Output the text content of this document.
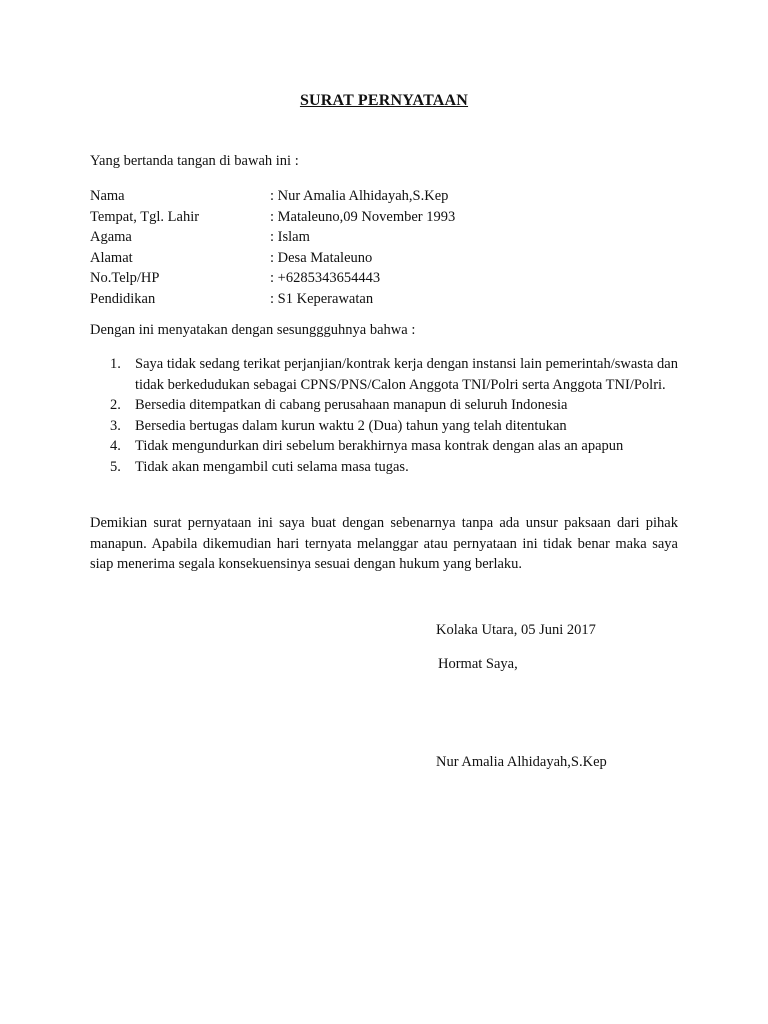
SURAT PERNYATAAN
Yang bertanda tangan di bawah ini :
Nama	: Nur Amalia Alhidayah,S.Kep
Tempat, Tgl. Lahir	: Mataleuno,09 November 1993
Agama	: Islam
Alamat	: Desa Mataleuno
No.Telp/HP	: +6285343654443
Pendidikan	: S1 Keperawatan
Dengan ini menyatakan dengan sesunggguhnya bahwa :
1. Saya tidak sedang terikat perjanjian/kontrak kerja dengan instansi lain pemerintah/swasta dan tidak berkedudukan sebagai CPNS/PNS/Calon Anggota TNI/Polri serta Anggota TNI/Polri.
2. Bersedia ditempatkan di cabang perusahaan manapun di seluruh Indonesia
3. Bersedia bertugas dalam kurun waktu 2 (Dua) tahun yang telah ditentukan
4. Tidak mengundurkan diri sebelum berakhirnya masa kontrak dengan alas an apapun
5. Tidak akan mengambil cuti selama masa tugas.
Demikian surat pernyataan ini saya buat dengan sebenarnya tanpa ada unsur paksaan dari pihak manapun. Apabila dikemudian hari ternyata melanggar atau pernyataan ini tidak benar maka saya siap menerima segala konsekuensinya sesuai dengan hukum yang berlaku.
Kolaka Utara, 05 Juni 2017
Hormat Saya,
Nur Amalia Alhidayah,S.Kep
